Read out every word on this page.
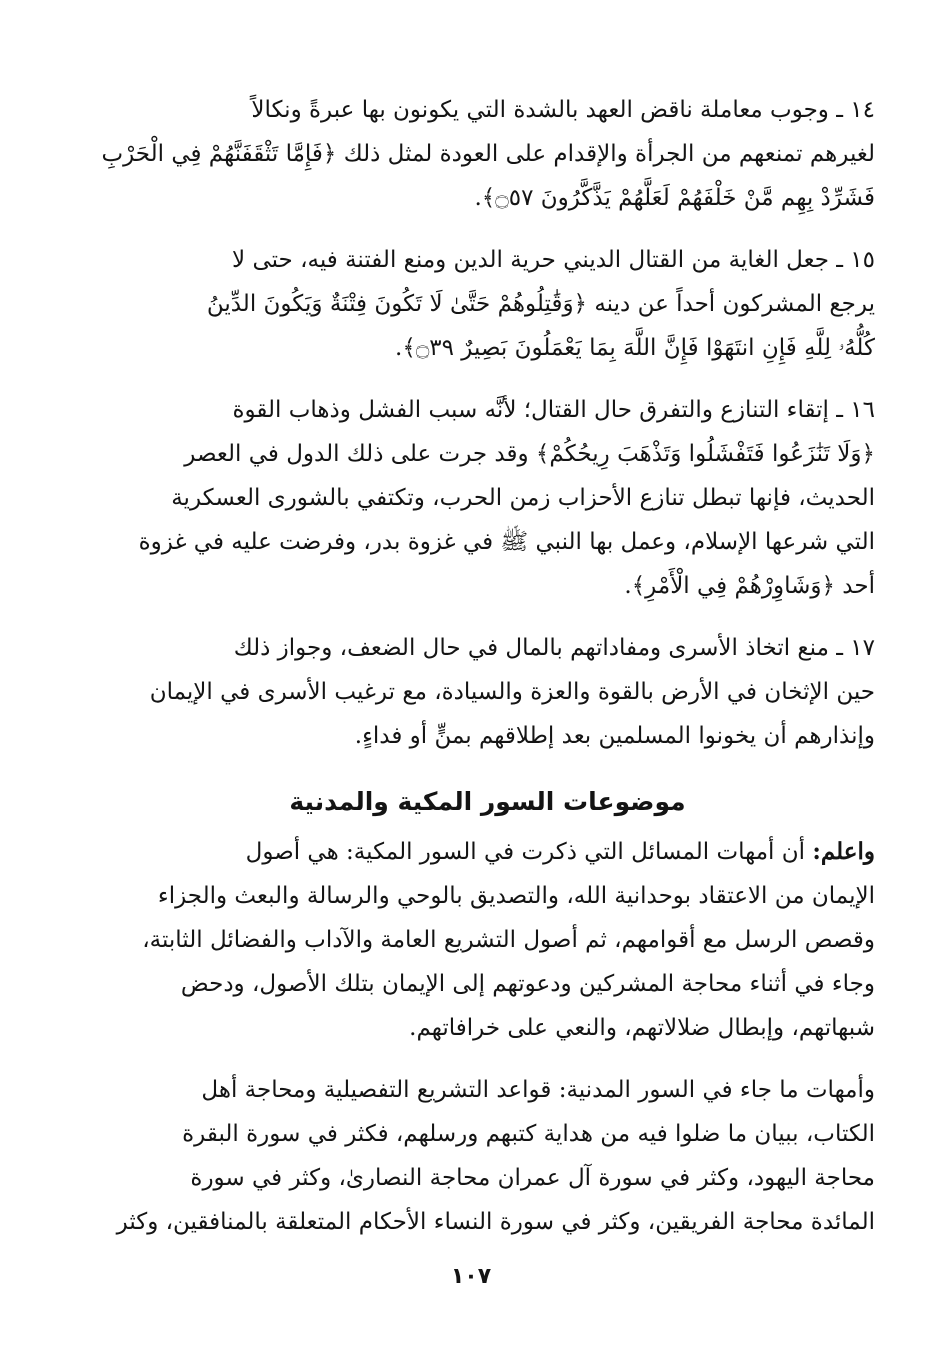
١٤ ـ وجوب معاملة ناقض العهد بالشدة التي يكونون بها عبرةً ونكالاً

لغيرهم تمنعهم من الجرأة والإقدام على العودة لمثل ذلك ﴿فَإِمَّا تَثْقَفَنَّهُمْ فِي الْحَرْبِ

فَشَرِّدْ بِهِم مَّنْ خَلْفَهُمْ لَعَلَّهُمْ يَذَّكَّرُونَ ۝٥٧﴾.

١٥ ـ جعل الغاية من القتال الديني حرية الدين ومنع الفتنة فيه، حتى لا

يرجع المشركون أحداً عن دينه ﴿وَقَٰتِلُوهُمْ حَتَّىٰ لَا تَكُونَ فِتْنَةٌ وَيَكُونَ الدِّينُ

كُلُّهُۥ لِلَّهِ فَإِنِ انتَهَوْا فَإِنَّ اللَّهَ بِمَا يَعْمَلُونَ بَصِيرٌ ۝٣٩﴾.

١٦ ـ إتقاء التنازع والتفرق حال القتال؛ لأنَّه سبب الفشل وذهاب القوة

﴿وَلَا تَنَٰزَعُوا فَتَفْشَلُوا وَتَذْهَبَ رِيحُكُمْ﴾ وقد جرت على ذلك الدول في العصر

الحديث، فإنها تبطل تنازع الأحزاب زمن الحرب، وتكتفي بالشورى العسكرية

التي شرعها الإسلام، وعمل بها النبي ﷺ في غزوة بدر، وفرضت عليه في غزوة

أحد ﴿وَشَاوِرْهُمْ فِي الْأَمْرِ﴾.

١٧ ـ منع اتخاذ الأسرى ومفاداتهم بالمال في حال الضعف، وجواز ذلك

حين الإثخان في الأرض بالقوة والعزة والسيادة، مع ترغيب الأسرى في الإيمان

وإنذارهم أن يخونوا المسلمين بعد إطلاقهم بمنٍّ أو فداءٍ.

موضوعات السور المكية والمدنية

واعلم: أن أمهات المسائل التي ذكرت في السور المكية: هي أصول

الإيمان من الاعتقاد بوحدانية الله، والتصديق بالوحي والرسالة والبعث والجزاء

وقصص الرسل مع أقوامهم، ثم أصول التشريع العامة والآداب والفضائل الثابتة،

وجاء في أثناء محاجة المشركين ودعوتهم إلى الإيمان بتلك الأصول، ودحض

شبهاتهم، وإبطال ضلالاتهم، والنعي على خرافاتهم.

وأمهات ما جاء في السور المدنية: قواعد التشريع التفصيلية ومحاجة أهل

الكتاب، ببيان ما ضلوا فيه من هداية كتبهم ورسلهم، فكثر في سورة البقرة

محاجة اليهود، وكثر في سورة آل عمران محاجة النصارىٰ، وكثر في سورة

المائدة محاجة الفريقين، وكثر في سورة النساء الأحكام المتعلقة بالمنافقين، وكثر

١٠٧
